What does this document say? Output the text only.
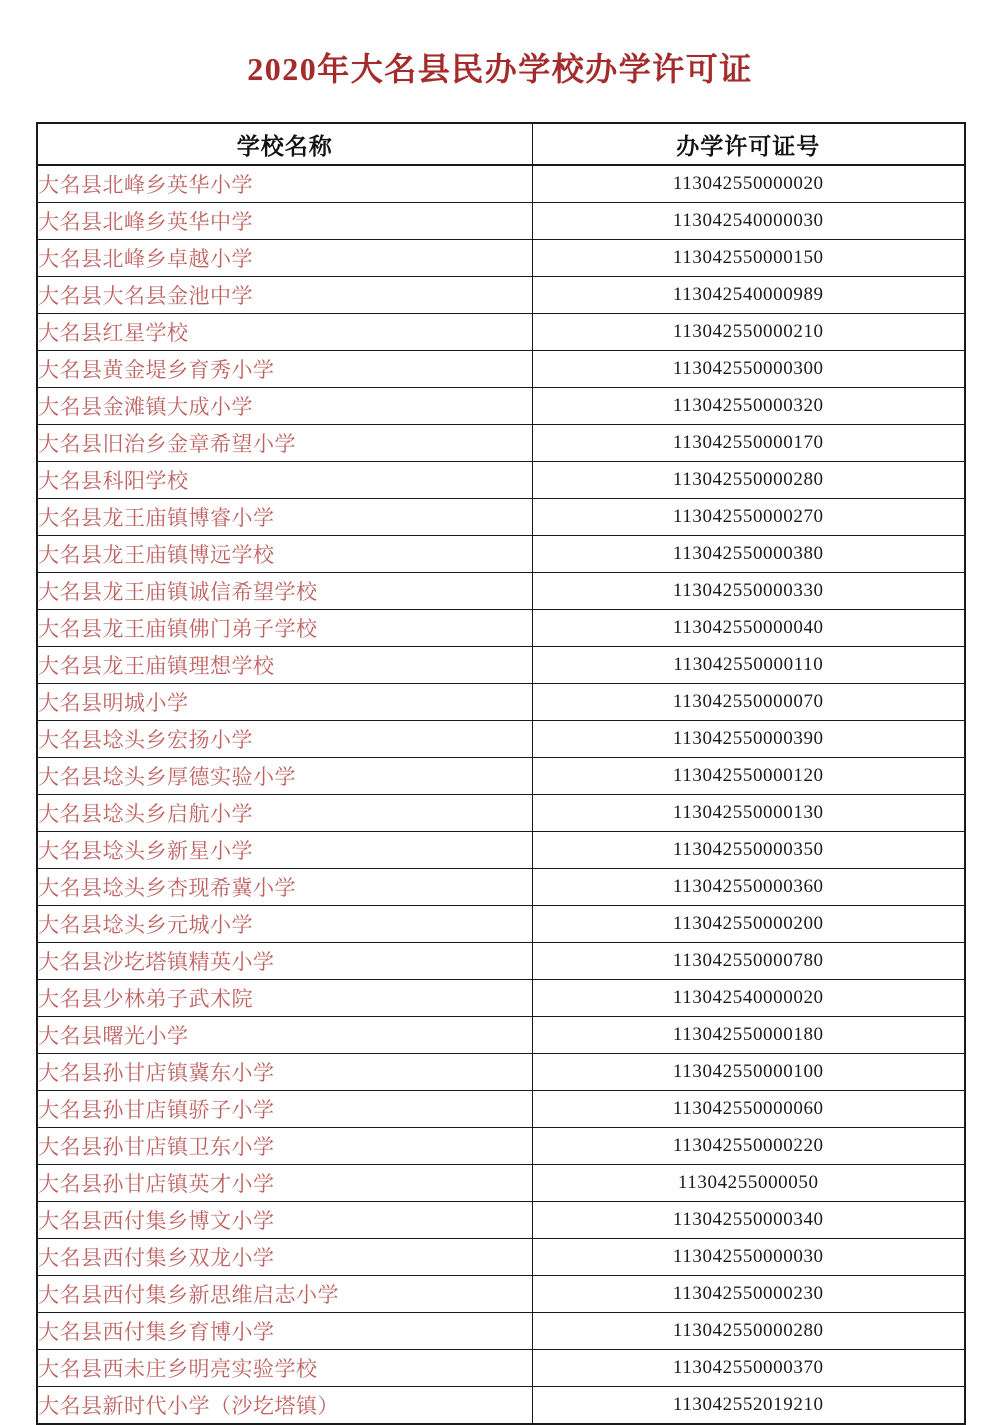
2020年大名县民办学校办学许可证
学校名称	办学许可证号
大名县北峰乡英华小学	113042550000020
大名县北峰乡英华中学	113042540000030
大名县北峰乡卓越小学	113042550000150
大名县大名县金池中学	113042540000989
大名县红星学校	113042550000210
大名县黄金堤乡育秀小学	113042550000300
大名县金滩镇大成小学	113042550000320
大名县旧治乡金章希望小学	113042550000170
大名县科阳学校	113042550000280
大名县龙王庙镇博睿小学	113042550000270
大名县龙王庙镇博远学校	113042550000380
大名县龙王庙镇诚信希望学校	113042550000330
大名县龙王庙镇佛门弟子学校	113042550000040
大名县龙王庙镇理想学校	113042550000110
大名县明城小学	113042550000070
大名县埝头乡宏扬小学	113042550000390
大名县埝头乡厚德实验小学	113042550000120
大名县埝头乡启航小学	113042550000130
大名县埝头乡新星小学	113042550000350
大名县埝头乡杏现希冀小学	113042550000360
大名县埝头乡元城小学	113042550000200
大名县沙圪塔镇精英小学	113042550000780
大名县少林弟子武术院	113042540000020
大名县曙光小学	113042550000180
大名县孙甘店镇冀东小学	113042550000100
大名县孙甘店镇骄子小学	113042550000060
大名县孙甘店镇卫东小学	113042550000220
大名县孙甘店镇英才小学	11304255000050
大名县西付集乡博文小学	113042550000340
大名县西付集乡双龙小学	113042550000030
大名县西付集乡新思维启志小学	113042550000230
大名县西付集乡育博小学	113042550000280
大名县西未庄乡明亮实验学校	113042550000370
大名县新时代小学（沙圪塔镇）	113042552019210
